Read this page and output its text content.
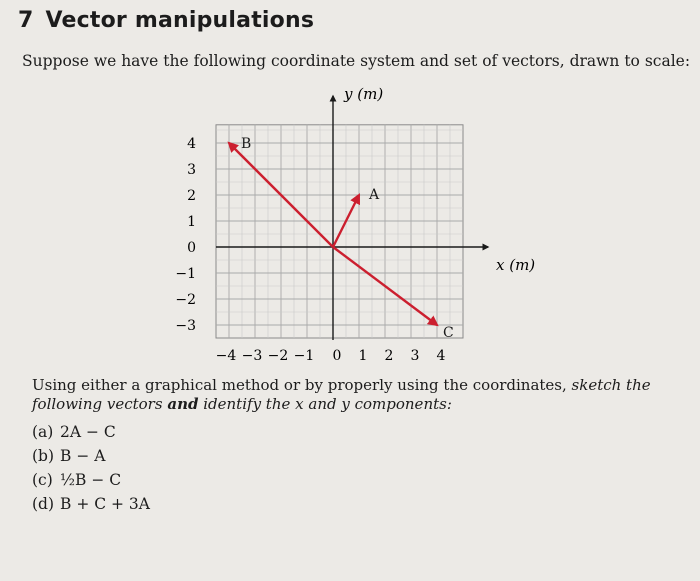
7 Vector manipulations
Suppose we have the following coordinate system and set of vectors, drawn to scale:
y (m)
x (m)
4
3
2
1
0
−1
−2
−3
−4 −3 −2 −1 0 1 2 3 4
A
B
C
Using either a graphical method or by properly using the coordinates, sketch the following vectors and identify the x and y components:
(a) 2A − C
(b) B − A
(c) ½B − C
(d) B + C + 3A
